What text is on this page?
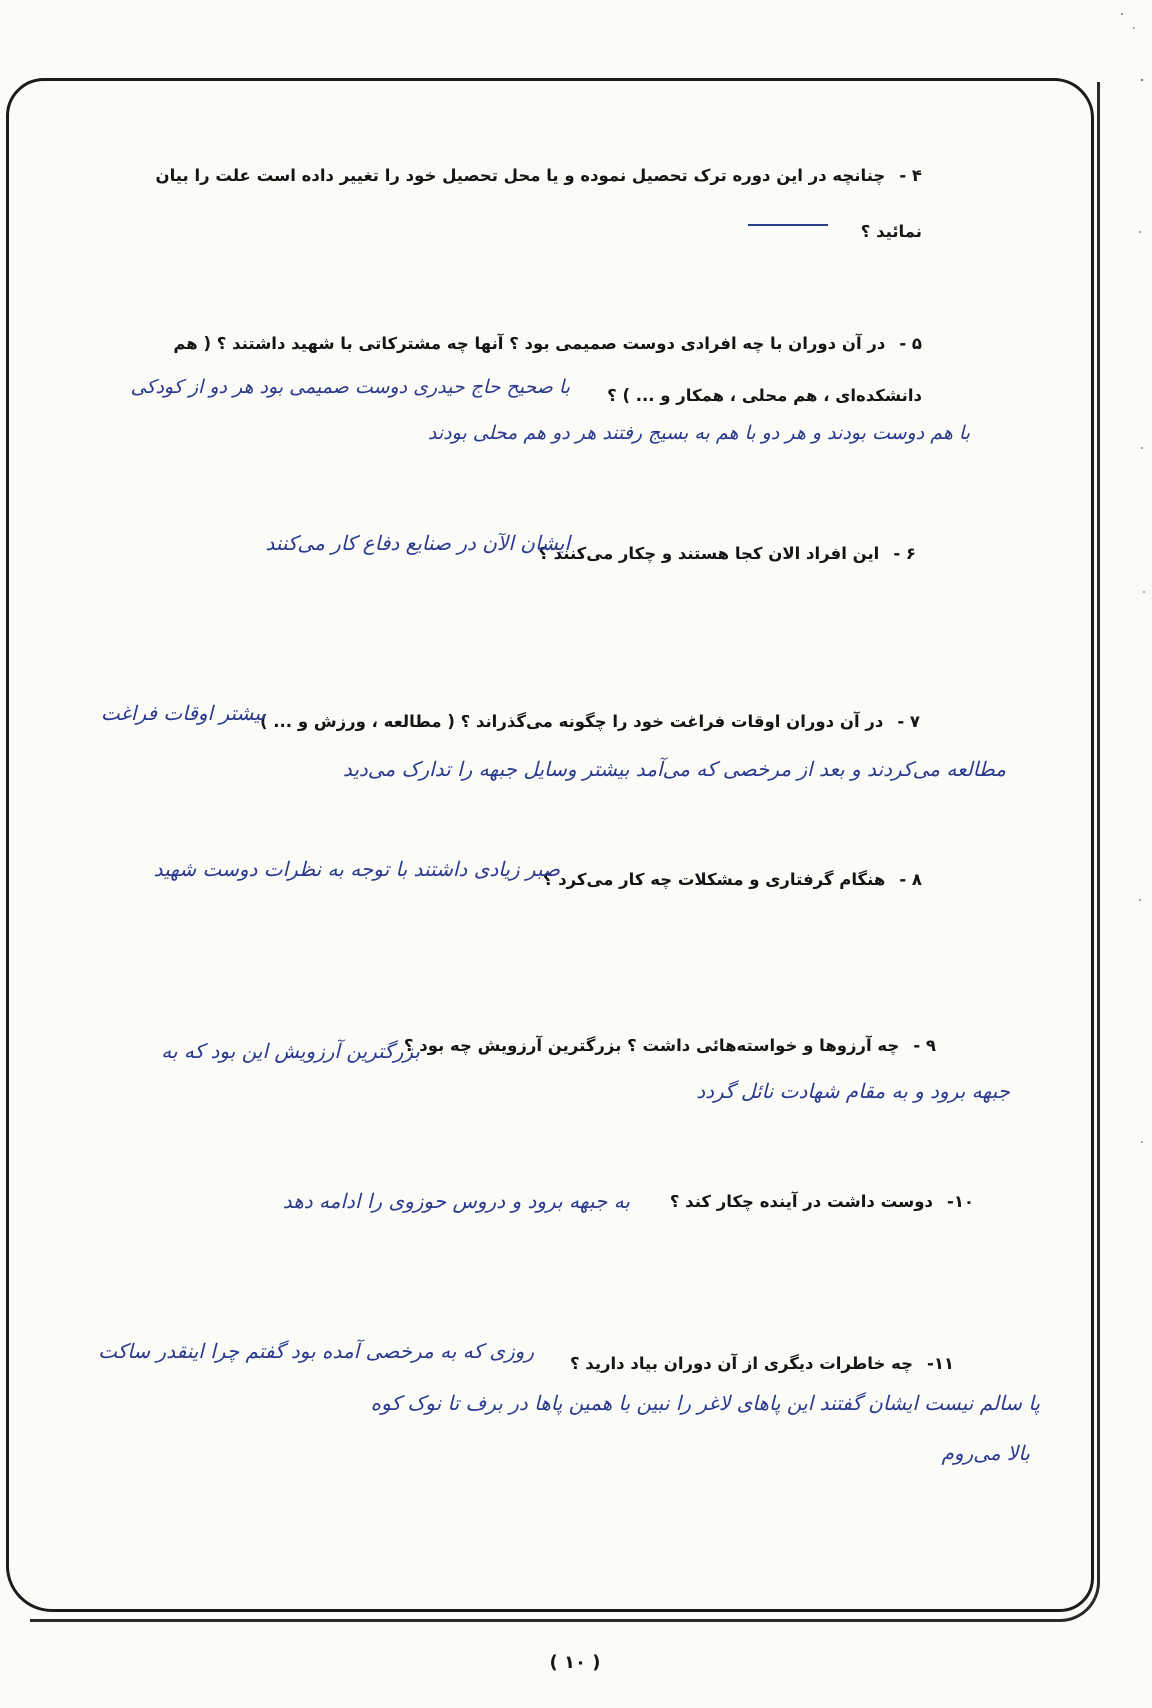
۴ -چنانچه در این دوره ترک تحصیل نموده و یا محل تحصیل خود را تغییر داده است علت را بیان نمائید ؟
۵ -در آن دوران با چه افرادی دوست صمیمی بود ؟ آنها چه مشترکاتی با شهید داشتند ؟ ( هم دانشکده‌ای ، هم محلی ، همکار و ... ) ؟
با صحیح حاج حیدری دوست صمیمی بود هر دو از کودکی
با هم دوست بودند و هر دو با هم به بسیج رفتند هر دو هم محلی بودند
۶ -این افراد الان کجا هستند و چکار می‌کنند ؟
ایشان الآن در صنایع دفاع کار می‌کنند
۷ -در آن دوران اوقات فراغت خود را چگونه می‌گذراند ؟ ( مطالعه ، ورزش و ... )
بیشتر اوقات فراغت
مطالعه می‌کردند و بعد از مرخصی که می‌آمد بیشتر وسایل جبهه را تدارک می‌دید
۸ -هنگام گرفتاری و مشکلات چه کار می‌کرد ؟
صبر زیادی داشتند با توجه به نظرات دوست شهید
۹ -چه آرزوها و خواسته‌هائی داشت ؟ بزرگترین آرزویش چه بود ؟
بزرگترین آرزویش این بود که به
جبهه برود و به مقام شهادت نائل گردد
۱۰-دوست داشت در آینده چکار کند ؟
به جبهه برود و دروس حوزوی را ادامه دهد
۱۱-چه خاطرات دیگری از آن دوران بیاد دارید ؟
روزی که به مرخصی آمده بود گفتم چرا اینقدر ساکت
پا سالم نیست ایشان گفتند این پاهای لاغر را نبین با همین پاها در برف تا نوک کوه
بالا می‌روم
( ۱۰ )
